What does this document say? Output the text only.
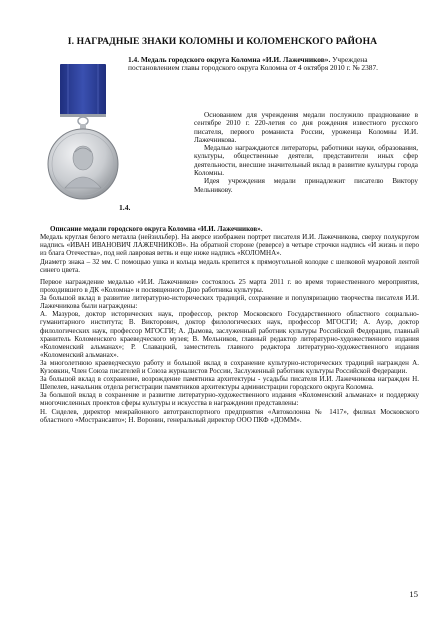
I. НАГРАДНЫЕ ЗНАКИ КОЛОМНЫ И КОЛОМЕНСКОГО РАЙОНА
1.4. Медаль городского округа Коломна «И.И. Лажечников». Учреждена постановлением главы городского округа Коломна от 4 октября 2010 г. № 2387.
1.4.

Основанием для учреждения медали послужило празднование в сентябре 2010 г. 220-летия со дня рождения известного русского писателя, первого романиста России, уроженца Коломны И.И. Лажечникова.

Медалью награждаются литераторы, работники науки, образования, культуры, общественные деятели, представители иных сфер деятельности, внесшие значительный вклад в развитие культуры города Коломны.

Идея учреждения медали принадлежит писателю Виктору Мельникову.

Описание медали городского округа Коломна «И.И. Лажечников».

Медаль круглая белого металла (нейзильбер). На аверсе изображен портрет писателя И.И. Лажечникова, сверху полукругом надпись «ИВАН ИВАНОВИЧ ЛАЖЕЧНИКОВ». На обратной стороне (реверсе) в четыре строчки надпись «И жизнь и перо из блага Отечества», под ней лавровая ветвь и еще ниже надпись «КОЛОМНА».

Диаметр знака – 32 мм. С помощью ушка и кольца медаль крепится к прямоугольной колодке с шелковой муаровой лентой синего цвета.

Первое награждение медалью «И.И. Лажечников» состоялось 25 марта 2011 г. во время торжественного мероприятия, проходившего в ДК «Коломна» и посвященного Дню работника культуры.

За большой вклад в развитие литературно-исторических традиций, сохранение и популяризацию творчества писателя И.И. Лажечникова были награждены:

А. Мазуров, доктор исторических наук, профессор, ректор Московского Государственного областного социально-гуманитарного института; В. Викторович, доктор филологических наук, профессор МГОСГИ; А. Ауэр, доктор филологических наук, профессор МГОСГИ; А. Дымова, заслуженный работник культуры Российской Федерации, главный хранитель Коломенского краеведческого музея; В. Мельников, главный редактор литературно-художественного издания «Коломенский альманах»; Р. Славацкий, заместитель главного редактора литературно-художественного издания «Коломенский альманах».

За многолетнюю краеведческую работу и большой вклад в сохранение культурно-исторических традиций награжден А. Кузовкин, Член Союза писателей и Союза журналистов России, Заслуженный работник культуры Российской Федерации.

За большой вклад в сохранение, возрождение памятника архитектуры - усадьбы писателя И.И. Лажечникова награжден Н. Шепелев, начальник отдела регистрации памятников архитектуры администрации городского округа Коломна.

За большой вклад в сохранение и развитие литературно-художественного издания «Коломенский альманах» и поддержку многочисленных проектов сферы культуры и искусства в награждении представлены:

Н. Сиделев, директор межрайонного автотранспортного предприятия «Автоколонна № 1417», филиал Московского областного «Мострансавто»; Н. Воронин, генеральный директор ООО ПКФ «ДОММ».

15
